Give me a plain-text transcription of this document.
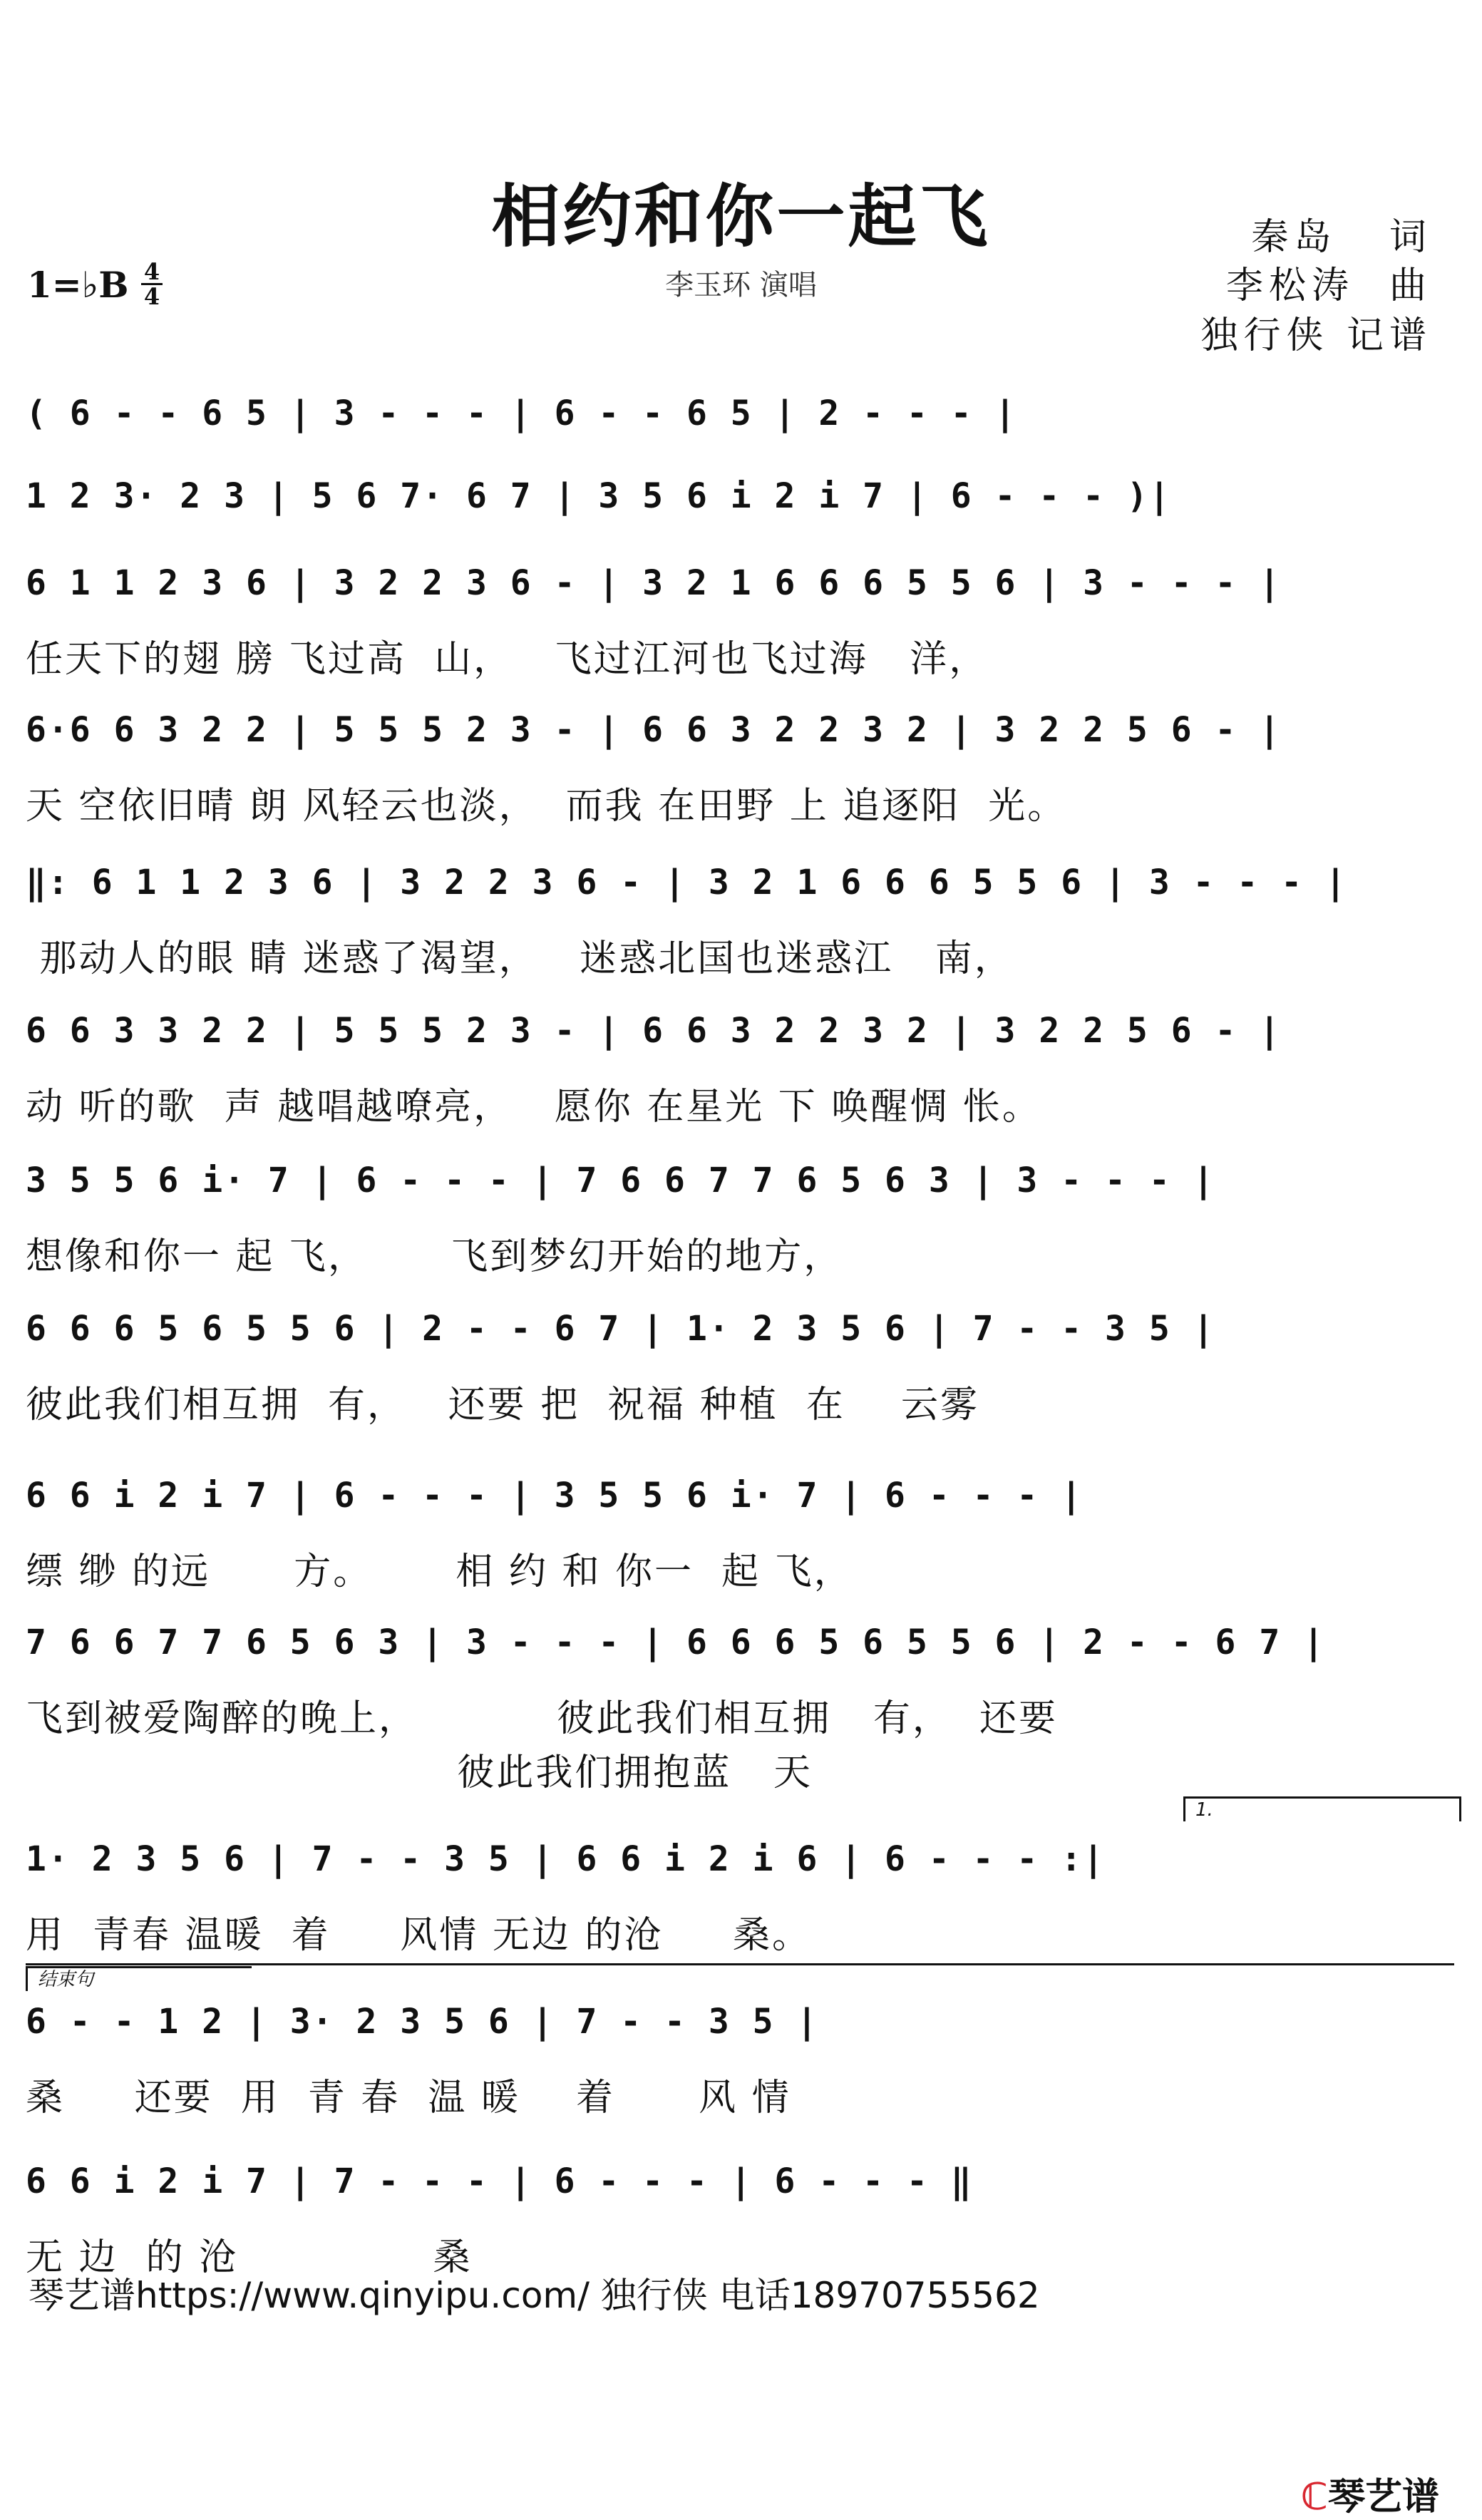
相约和你一起飞
李玉环 演唱
1=♭B 4
4
秦岛   词
李松涛  曲
独行侠 记谱
( 6 - - 6 5 | 3 - - - | 6 - - 6 5 | 2 - - - |
1 2 3· 2 3 | 5 6 7· 6 7 | 3 5 6 i 2 i 7 | 6 - - - )|
6 1 1 2 3 6 | 3 2 2 3 6 - | 3 2 1 6 6 6 5 5 6 | 3 - - - |
任天下的翅 膀 飞过高  山，   飞过江河也飞过海   洋，
6·6 6 3 2 2 | 5 5 5 2 3 - | 6 6 3 2 2 3 2 | 3 2 2 5 6 - |
天 空依旧晴 朗 风轻云也淡，  而我 在田野 上 追逐阳  光。
‖: 6 1 1 2 3 6 | 3 2 2 3 6 - | 3 2 1 6 6 6 5 5 6 | 3 - - - |
那动人的眼 睛 迷惑了渴望，   迷惑北国也迷惑江   南，
6 6 3 3 2 2 | 5 5 5 2 3 - | 6 6 3 2 2 3 2 | 3 2 2 5 6 - |
动 听的歌  声 越唱越嘹亮，   愿你 在星光 下 唤醒惆 怅。
3 5 5 6 i· 7 | 6 - - - | 7 6 6 7 7 6 5 6 3 | 3 - - - |
想像和你一 起 飞，      飞到梦幻开始的地方，
6 6 6 5 6 5 5 6 | 2 - - 6 7 | 1· 2 3 5 6 | 7 - - 3 5 |
彼此我们相互拥  有，   还要 把  祝福 种植  在    云雾
6 6 i 2 i 7 | 6 - - - | 3 5 5 6 i· 7 | 6 - - - |
缥 缈 的远      方。      相 约 和 你一  起 飞，
7 6 6 7 7 6 5 6 3 | 3 - - - | 6 6 6 5 6 5 5 6 | 2 - - 6 7 |
飞到被爱陶醉的晚上，          彼此我们相互拥   有，  还要
彼此我们拥抱蓝   天
1.
1· 2 3 5 6 | 7 - - 3 5 | 6 6 i 2 i 6 | 6 - - - :|
用  青春 温暖  着     风情 无边 的沧     桑。
结束句
6 - - 1 2 | 3· 2 3 5 6 | 7 - - 3 5 |
桑     还要  用  青 春  温 暖    着      风 情
6 6 i 2 i 7 | 7 - - - | 6 - - - | 6 - - - ‖
无 边  的 沧              桑
琴艺谱https://www.qinyipu.com/ 独行侠 电话18970755562

ℂ琴艺谱
